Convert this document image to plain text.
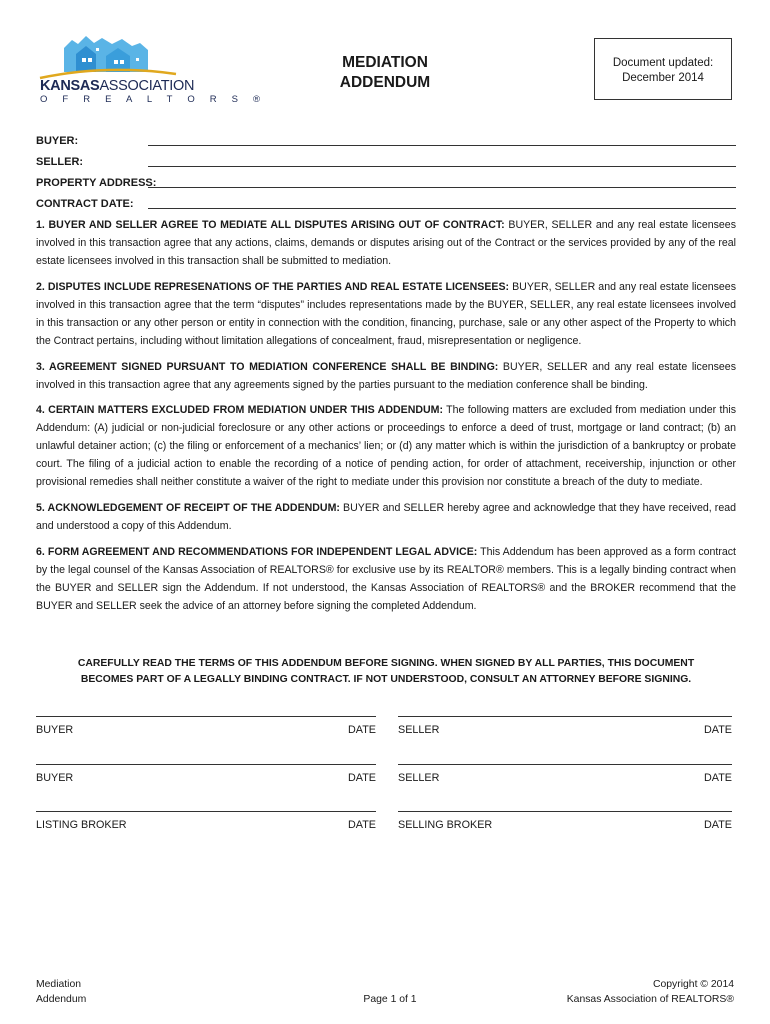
KANSASASSOCIATION
O F R E A L T O R S ®
MEDIATION
ADDENDUM
Document updated:
December 2014
BUYER:
SELLER:
PROPERTY ADDRESS:
CONTRACT DATE:

1. BUYER AND SELLER AGREE TO MEDIATE ALL DISPUTES ARISING OUT OF CONTRACT: BUYER, SELLER and any real estate licensees involved in this transaction agree that any actions, claims, demands or disputes arising out of the Contract or the services provided by any of the real estate licensees involved in this transaction shall be submitted to mediation.

2. DISPUTES INCLUDE REPRESENATIONS OF THE PARTIES AND REAL ESTATE LICENSEES: BUYER, SELLER and any real estate licensees involved in this transaction agree that the term “disputes” includes representations made by the BUYER, SELLER, any real estate licensees involved in this transaction or any other person or entity in connection with the condition, financing, purchase, sale or any other aspect of the Property to which the Contract pertains, including without limitation allegations of concealment, fraud, misrepresentation or negligence.

3. AGREEMENT SIGNED PURSUANT TO MEDIATION CONFERENCE SHALL BE BINDING: BUYER, SELLER and any real estate licensees involved in this transaction agree that any agreements signed by the parties pursuant to the mediation conference shall be binding.

4. CERTAIN MATTERS EXCLUDED FROM MEDIATION UNDER THIS ADDENDUM: The following matters are excluded from mediation under this Addendum: (A) judicial or non-judicial foreclosure or any other actions or proceedings to enforce a deed of trust, mortgage or land contract; (b) an unlawful detainer action; (c) the filing or enforcement of a mechanics’ lien; or (d) any matter which is within the jurisdiction of a bankruptcy or probate court. The filing of a judicial action to enable the recording of a notice of pending action, for order of attachment, receivership, injunction or other provisional remedies shall neither constitute a waiver of the right to mediate under this provision nor constitute a breach of the duty to mediate.

5. ACKNOWLEDGEMENT OF RECEIPT OF THE ADDENDUM: BUYER and SELLER hereby agree and acknowledge that they have received, read and understood a copy of this Addendum.

6. FORM AGREEMENT AND RECOMMENDATIONS FOR INDEPENDENT LEGAL ADVICE: This Addendum has been approved as a form contract by the legal counsel of the Kansas Association of REALTORS® for exclusive use by its REALTOR® members. This is a legally binding contract when the BUYER and SELLER sign the Addendum. If not understood, the Kansas Association of REALTORS® and the BROKER recommend that the BUYER and SELLER seek the advice of an attorney before signing the completed Addendum.

CAREFULLY READ THE TERMS OF THIS ADDENDUM BEFORE SIGNING. WHEN SIGNED BY ALL PARTIES, THIS DOCUMENT
BECOMES PART OF A LEGALLY BINDING CONTRACT. IF NOT UNDERSTOOD, CONSULT AN ATTORNEY BEFORE SIGNING.
BUYER	DATE SELLER	DATE
BUYER	DATE SELLER	DATE
LISTING BROKER	DATE SELLING BROKER	DATE
Mediation
Addendum	Page 1 of 1
Copyright © 2014
Kansas Association of REALTORS®
